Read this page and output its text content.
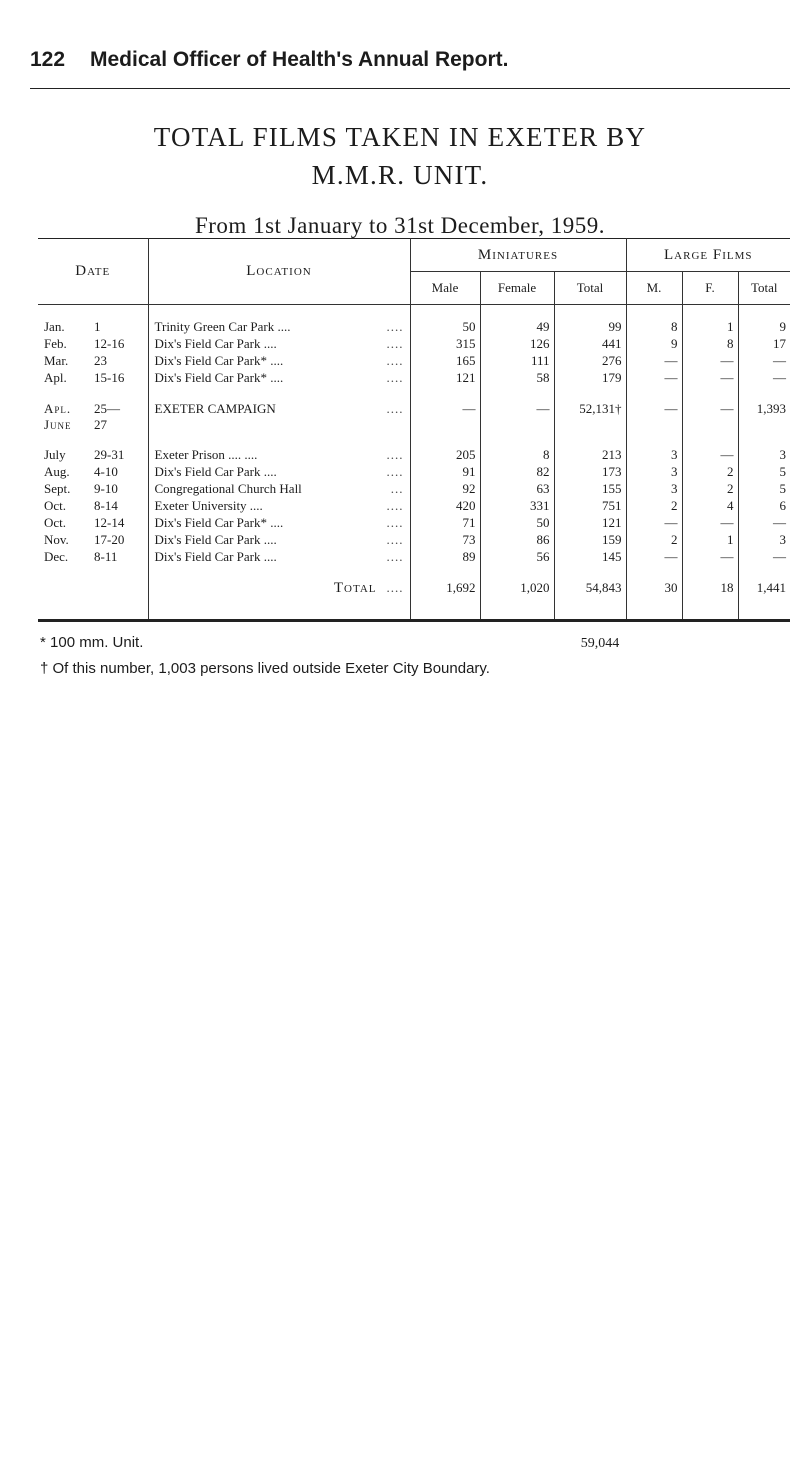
122 Medical Officer of Health's Annual Report.
TOTAL FILMS TAKEN IN EXETER BY
M.M.R. UNIT.
From 1st January to 31st December, 1959.
Date	Location	Miniatures			Large Films		
		Male	Female	Total	M.	F.	Total

Jan. 1	Trinity Green Car Park .... ....	50	49	99	8	1	9
Feb. 12-16	Dix's Field Car Park .... ....	315	126	441	9	8	17
Mar. 23	Dix's Field Car Park* .... ....	165	111	276	—	—	—
Apl. 15-16	Dix's Field Car Park* .... ....	121	58	179	—	—	—

Apl. 25—
June 27	EXETER CAMPAIGN ....	—	—	52,131†	—	—	1,393

July 29-31	Exeter Prison .... .... ....	205	8	213	3	—	3
Aug. 4-10	Dix's Field Car Park .... ....	91	82	173	3	2	5
Sept. 9-10	Congregational Church Hall ...	92	63	155	3	2	5
Oct. 8-14	Exeter University .... ....	420	331	751	2	4	6
Oct. 12-14	Dix's Field Car Park* .... ....	71	50	121	—	—	—
Nov. 17-20	Dix's Field Car Park .... ....	73	86	159	2	1	3
Dec. 8-11	Dix's Field Car Park .... ....	89	56	145	—	—	—

	Total ....	1,692	1,020	54,843	30	18	1,441

* 100 mm. Unit.	59,044
† Of this number, 1,003 persons lived outside Exeter City Boundary.
